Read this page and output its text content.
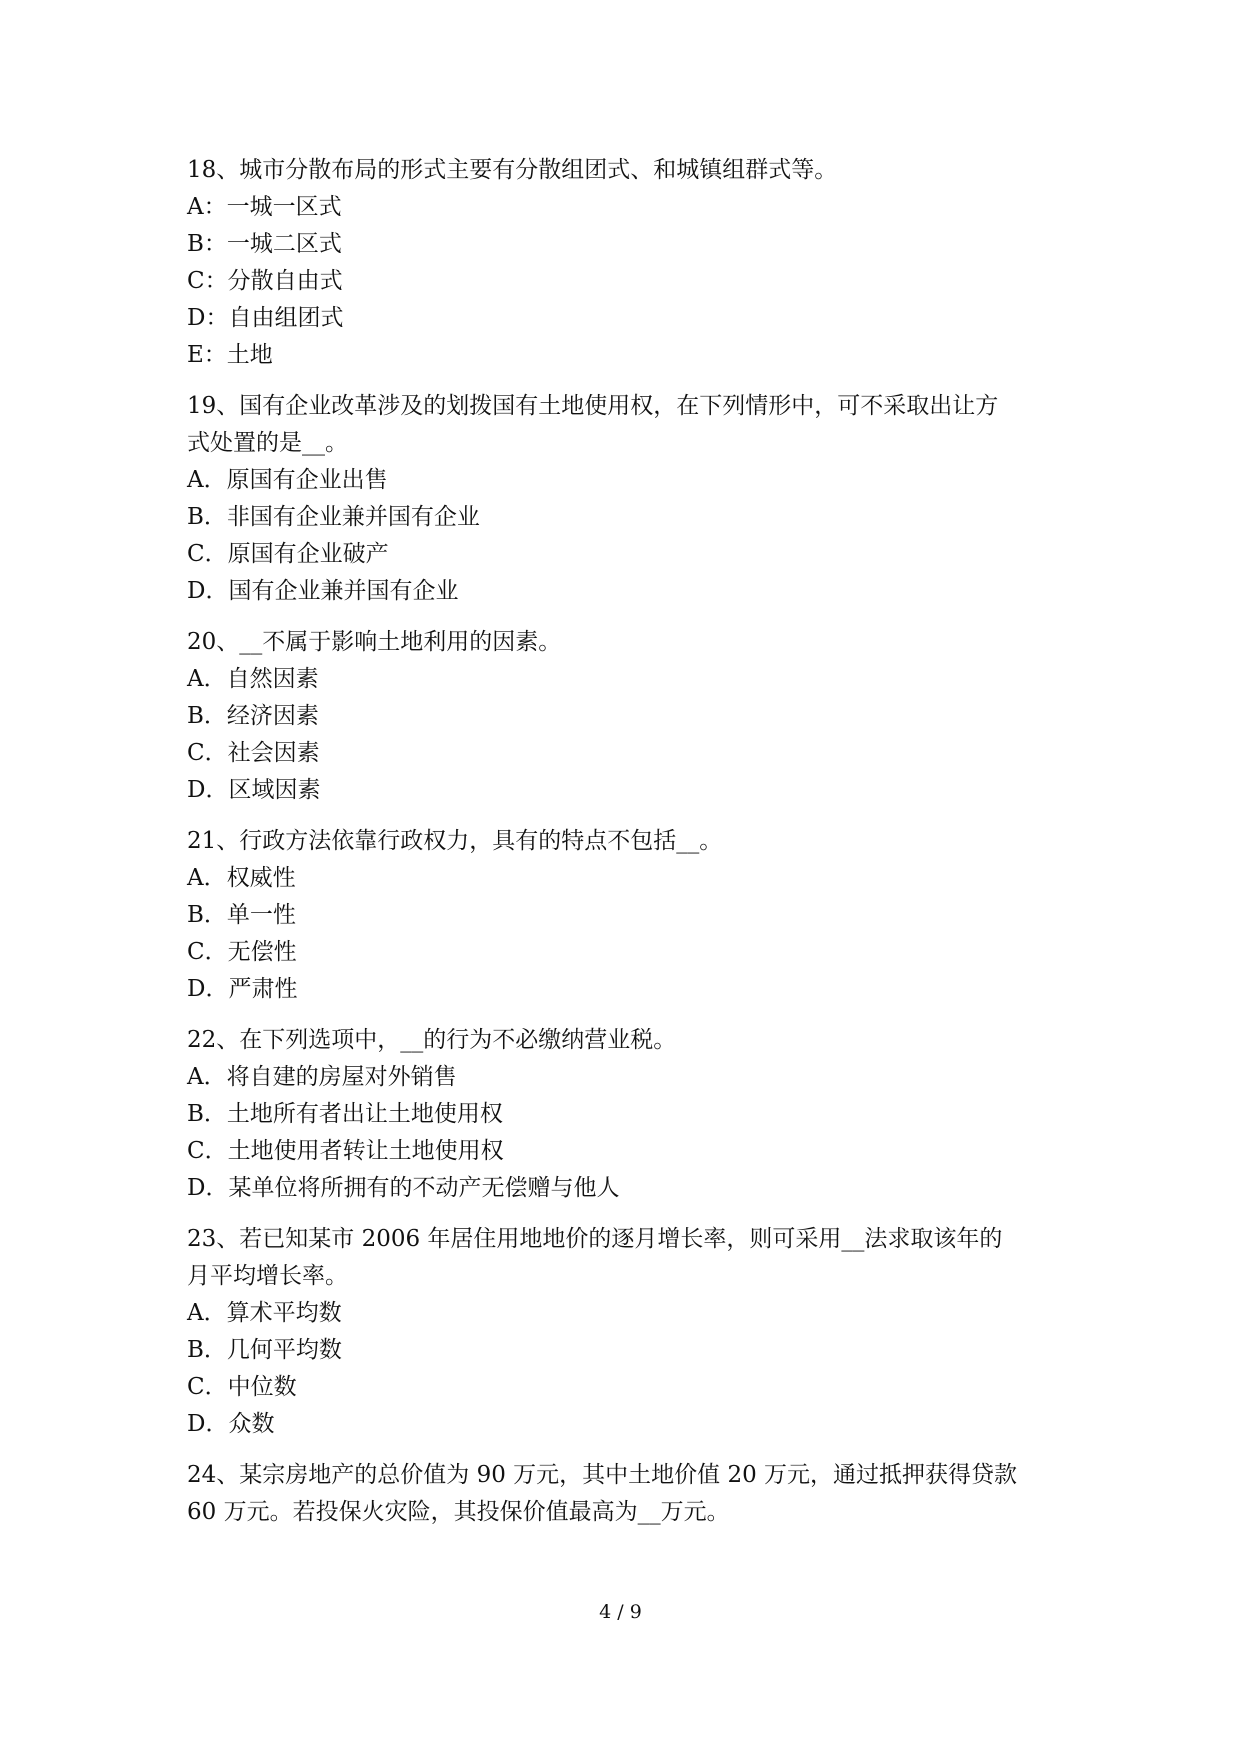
18、城市分散布局的形式主要有分散组团式、和城镇组群式等。
A：一城一区式
B：一城二区式
C：分散自由式
D：自由组团式
E：土地
19、国有企业改革涉及的划拨国有土地使用权，在下列情形中，可不采取出让方
式处置的是__。
A．原国有企业出售
B．非国有企业兼并国有企业
C．原国有企业破产
D．国有企业兼并国有企业
20、__不属于影响土地利用的因素。
A．自然因素
B．经济因素
C．社会因素
D．区域因素
21、行政方法依靠行政权力，具有的特点不包括__。
A．权威性
B．单一性
C．无偿性
D．严肃性
22、在下列选项中，__的行为不必缴纳营业税。
A．将自建的房屋对外销售
B．土地所有者出让土地使用权
C．土地使用者转让土地使用权
D．某单位将所拥有的不动产无偿赠与他人
23、若已知某市 2006 年居住用地地价的逐月增长率，则可采用__法求取该年的
月平均增长率。
A．算术平均数
B．几何平均数
C．中位数
D．众数
24、某宗房地产的总价值为 90 万元，其中土地价值 20 万元，通过抵押获得贷款
60 万元。若投保火灾险，其投保价值最高为__万元。
4 / 9
